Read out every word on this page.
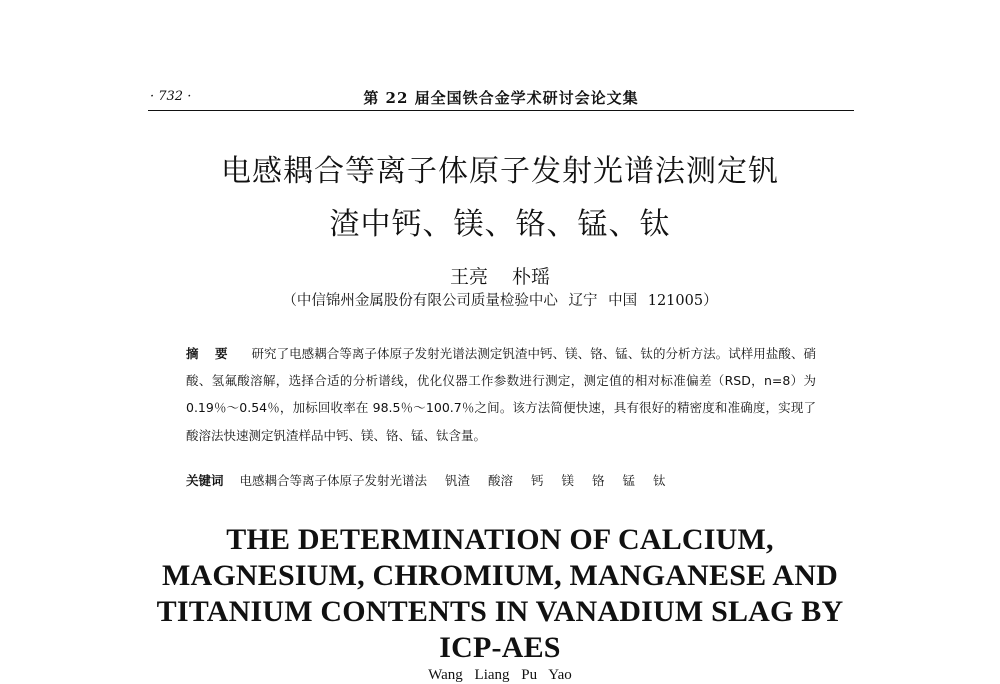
· 732 ·	第 22 届全国铁合金学术研讨会论文集
电感耦合等离子体原子发射光谱法测定钒
渣中钙、镁、铬、锰、钛
王亮 朴瑶
（中信锦州金属股份有限公司质量检验中心 辽宁 中国 121005）
摘 要 研究了电感耦合等离子体原子发射光谱法测定钒渣中钙、镁、铬、锰、钛的分析方法。试样用盐酸、硝酸、氢氟酸溶解，选择合适的分析谱线，优化仪器工作参数进行测定，测定值的相对标准偏差（RSD，n=8）为 0.19％～0.54％，加标回收率在 98.5％～100.7％之间。该方法简便快速，具有很好的精密度和准确度，实现了酸溶法快速测定钒渣样品中钙、镁、铬、锰、钛含量。
关键词 电感耦合等离子体原子发射光谱法 钒渣 酸溶 钙 镁 铬 锰 钛
THE DETERMINATION OF CALCIUM,
MAGNESIUM, CHROMIUM, MANGANESE AND
TITANIUM CONTENTS IN VANADIUM SLAG BY
ICP-AES
Wang Liang Pu Yao
